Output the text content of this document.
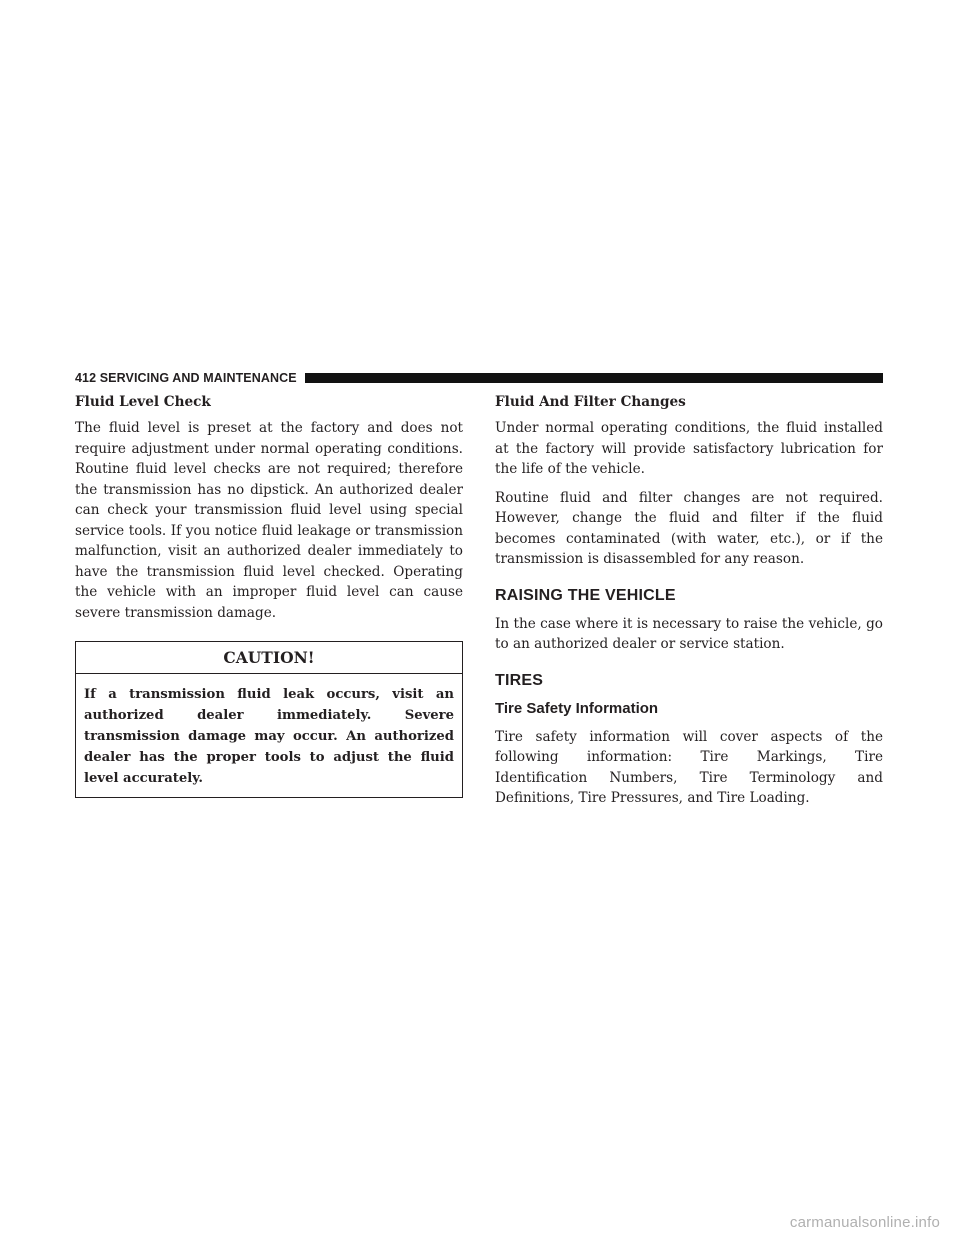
412 SERVICING AND MAINTENANCE
Fluid Level Check

The fluid level is preset at the factory and does not require adjustment under normal operating conditions. Routine fluid level checks are not required; therefore the transmission has no dipstick. An authorized dealer can check your transmission fluid level using special service tools. If you notice fluid leakage or transmission malfunction, visit an authorized dealer immediately to have the transmission fluid level checked. Operating the vehicle with an improper fluid level can cause severe transmission damage.

CAUTION!
If a transmission fluid leak occurs, visit an authorized dealer immediately. Severe transmission damage may occur. An authorized dealer has the proper tools to adjust the fluid level accurately.
Fluid And Filter Changes

Under normal operating conditions, the fluid installed at the factory will provide satisfactory lubrication for the life of the vehicle.

Routine fluid and filter changes are not required. However, change the fluid and filter if the fluid becomes contaminated (with water, etc.), or if the transmission is disassembled for any reason.

RAISING THE VEHICLE

In the case where it is necessary to raise the vehicle, go to an authorized dealer or service station.

TIRES
Tire Safety Information

Tire safety information will cover aspects of the following information: Tire Markings, Tire Identification Numbers, Tire Terminology and Definitions, Tire Pressures, and Tire Loading.

carmanualsonline.info
